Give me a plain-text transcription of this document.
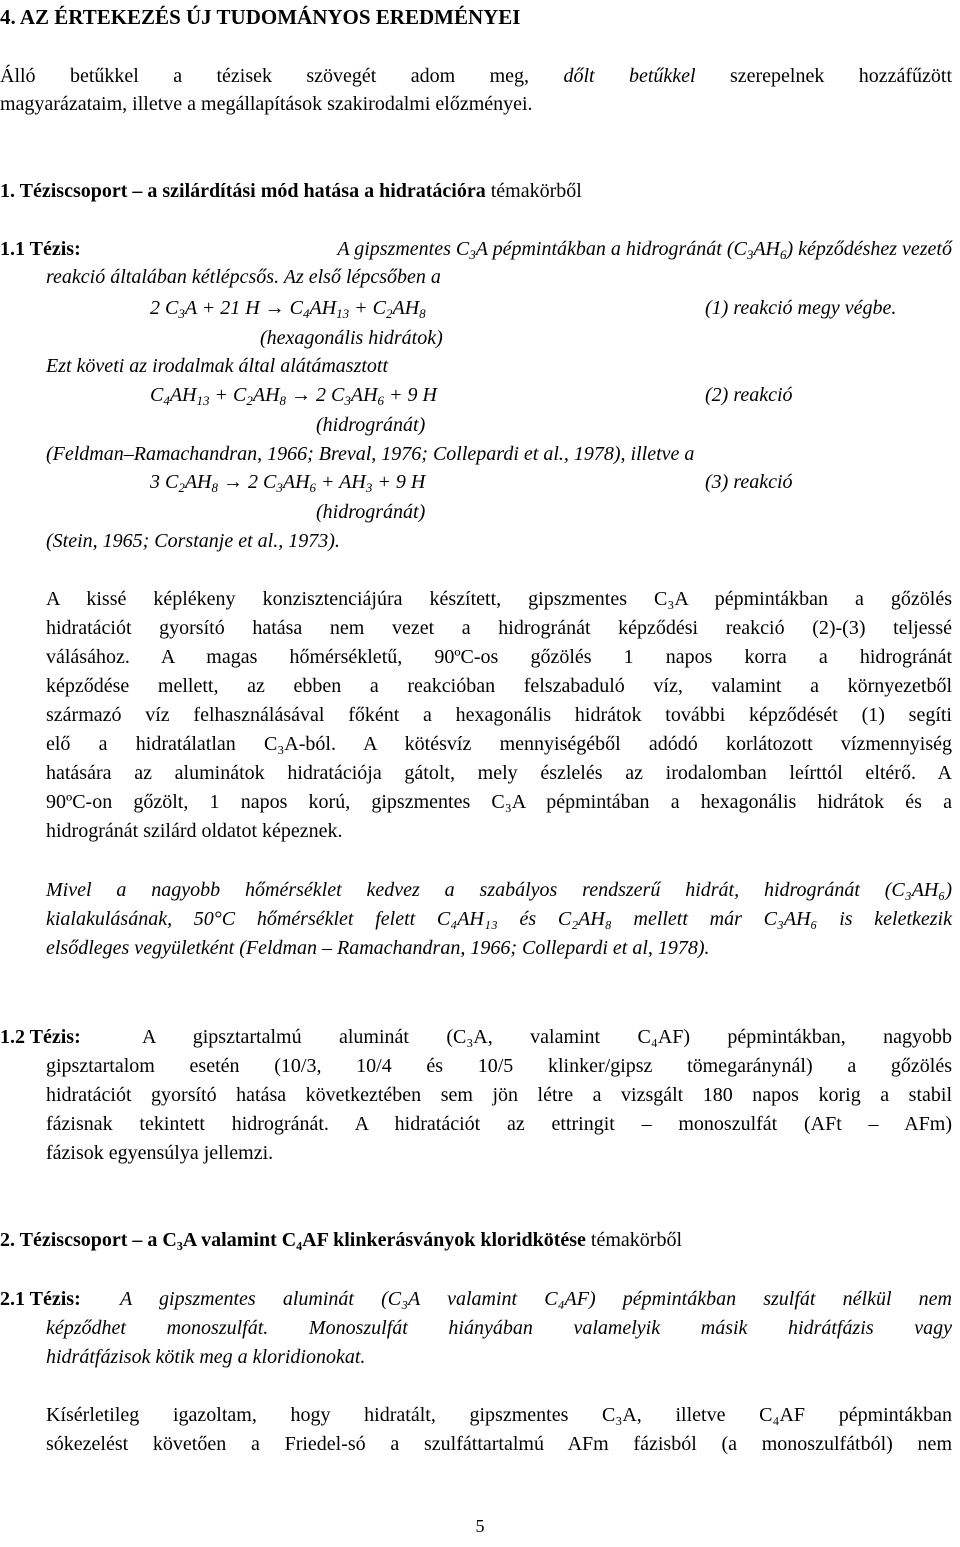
4. AZ ÉRTEKEZÉS ÚJ TUDOMÁNYOS EREDMÉNYEI
Álló betűkkel a tézisek szövegét adom meg, dőlt betűkkel szerepelnek hozzáfűzött
magyarázataim, illetve a megállapítások szakirodalmi előzményei.
1. Téziscsoport – a szilárdítási mód hatása a hidratációra témakörből
1.1 Tézis:	A gipszmentes $C_3A$ pépmintákban a hidrogránát $(C_3AH_6)$ képződéshez vezető
reakció általában kétlépcsős. Az első lépcsőben a
2 $C_3A + 21$ $H \to C_4AH_{13} + C_2AH_8$	(1) reakció megy végbe.
(hexagonális hidrátok)
Ezt követi az irodalmak által alátámasztott
$C_4AH_{13} + C_2AH_8 \to 2$ $C_3AH_6 + 9$ H	(2) reakció
(hidrogránát)
(Feldman–Ramachandran, 1966; Breval, 1976; Collepardi et al., 1978), illetve a
3 $C_2AH_8 \to 2$ $C_3AH_6 + AH_3 + 9$ H	(3) reakció
(hidrogránát)
(Stein, 1965; Corstanje et al., 1973).
A kissé képlékeny konzisztenciájúra készített, gipszmentes C₃A pépmintákban a gőzölés
hidratációt gyorsító hatása nem vezet a hidrogránát képződési reakció (2)-(3) teljessé
válásához. A magas hőmérsékletű, 90ºC-os gőzölés 1 napos korra a hidrogránát
képződése mellett, az ebben a reakcióban felszabaduló víz, valamint a környezetből
származó víz felhasználásával főként a hexagonális hidrátok további képződését (1) segíti
elő a hidratálatlan C₃A-ból. A kötésvíz mennyiségéből adódó korlátozott vízmennyiség
hatására az aluminátok hidratációja gátolt, mely észlelés az irodalomban leírttól eltérő. A
90ºC-on gőzölt, 1 napos korú, gipszmentes C₃A pépmintában a hexagonális hidrátok és a
hidrogránát szilárd oldatot képeznek.
Mivel a nagyobb hőmérséklet kedvez a szabályos rendszerű hidrát, hidrogránát (C₃AH₆)
kialakulásának, 50°C hőmérséklet felett C₄AH₁₃ és C₂AH₈ mellett már C₃AH₆ is keletkezik
elsődleges vegyületként (Feldman – Ramachandran, 1966; Collepardi et al, 1978).
1.2 Tézis:	A gipsztartalmú aluminát (C₃A, valamint C₄AF) pépmintákban, nagyobb
gipsztartalom esetén (10/3, 10/4 és 10/5 klinker/gipsz tömegaránynál) a gőzölés
hidratációt gyorsító hatása következtében sem jön létre a vizsgált 180 napos korig a stabil
fázisnak tekintett hidrogránát. A hidratációt az ettringit – monoszulfát (AFt – AFm)
fázisok egyensúlya jellemzi.
2. Téziscsoport – a C₃A valamint C₄AF klinkerásványok kloridkötése témakörből
2.1 Tézis: A gipszmentes aluminát (C₃A valamint C₄AF) pépmintákban szulfát nélkül nem
képződhet monoszulfát. Monoszulfát hiányában valamelyik másik hidrátfázis vagy
hidrátfázisok kötik meg a kloridionokat.
Kísérletileg igazoltam, hogy hidratált, gipszmentes C₃A, illetve C₄AF pépmintákban
sókezelést követően a Friedel-só a szulfáttartalmú AFm fázisból (a monoszulfátból) nem
5
